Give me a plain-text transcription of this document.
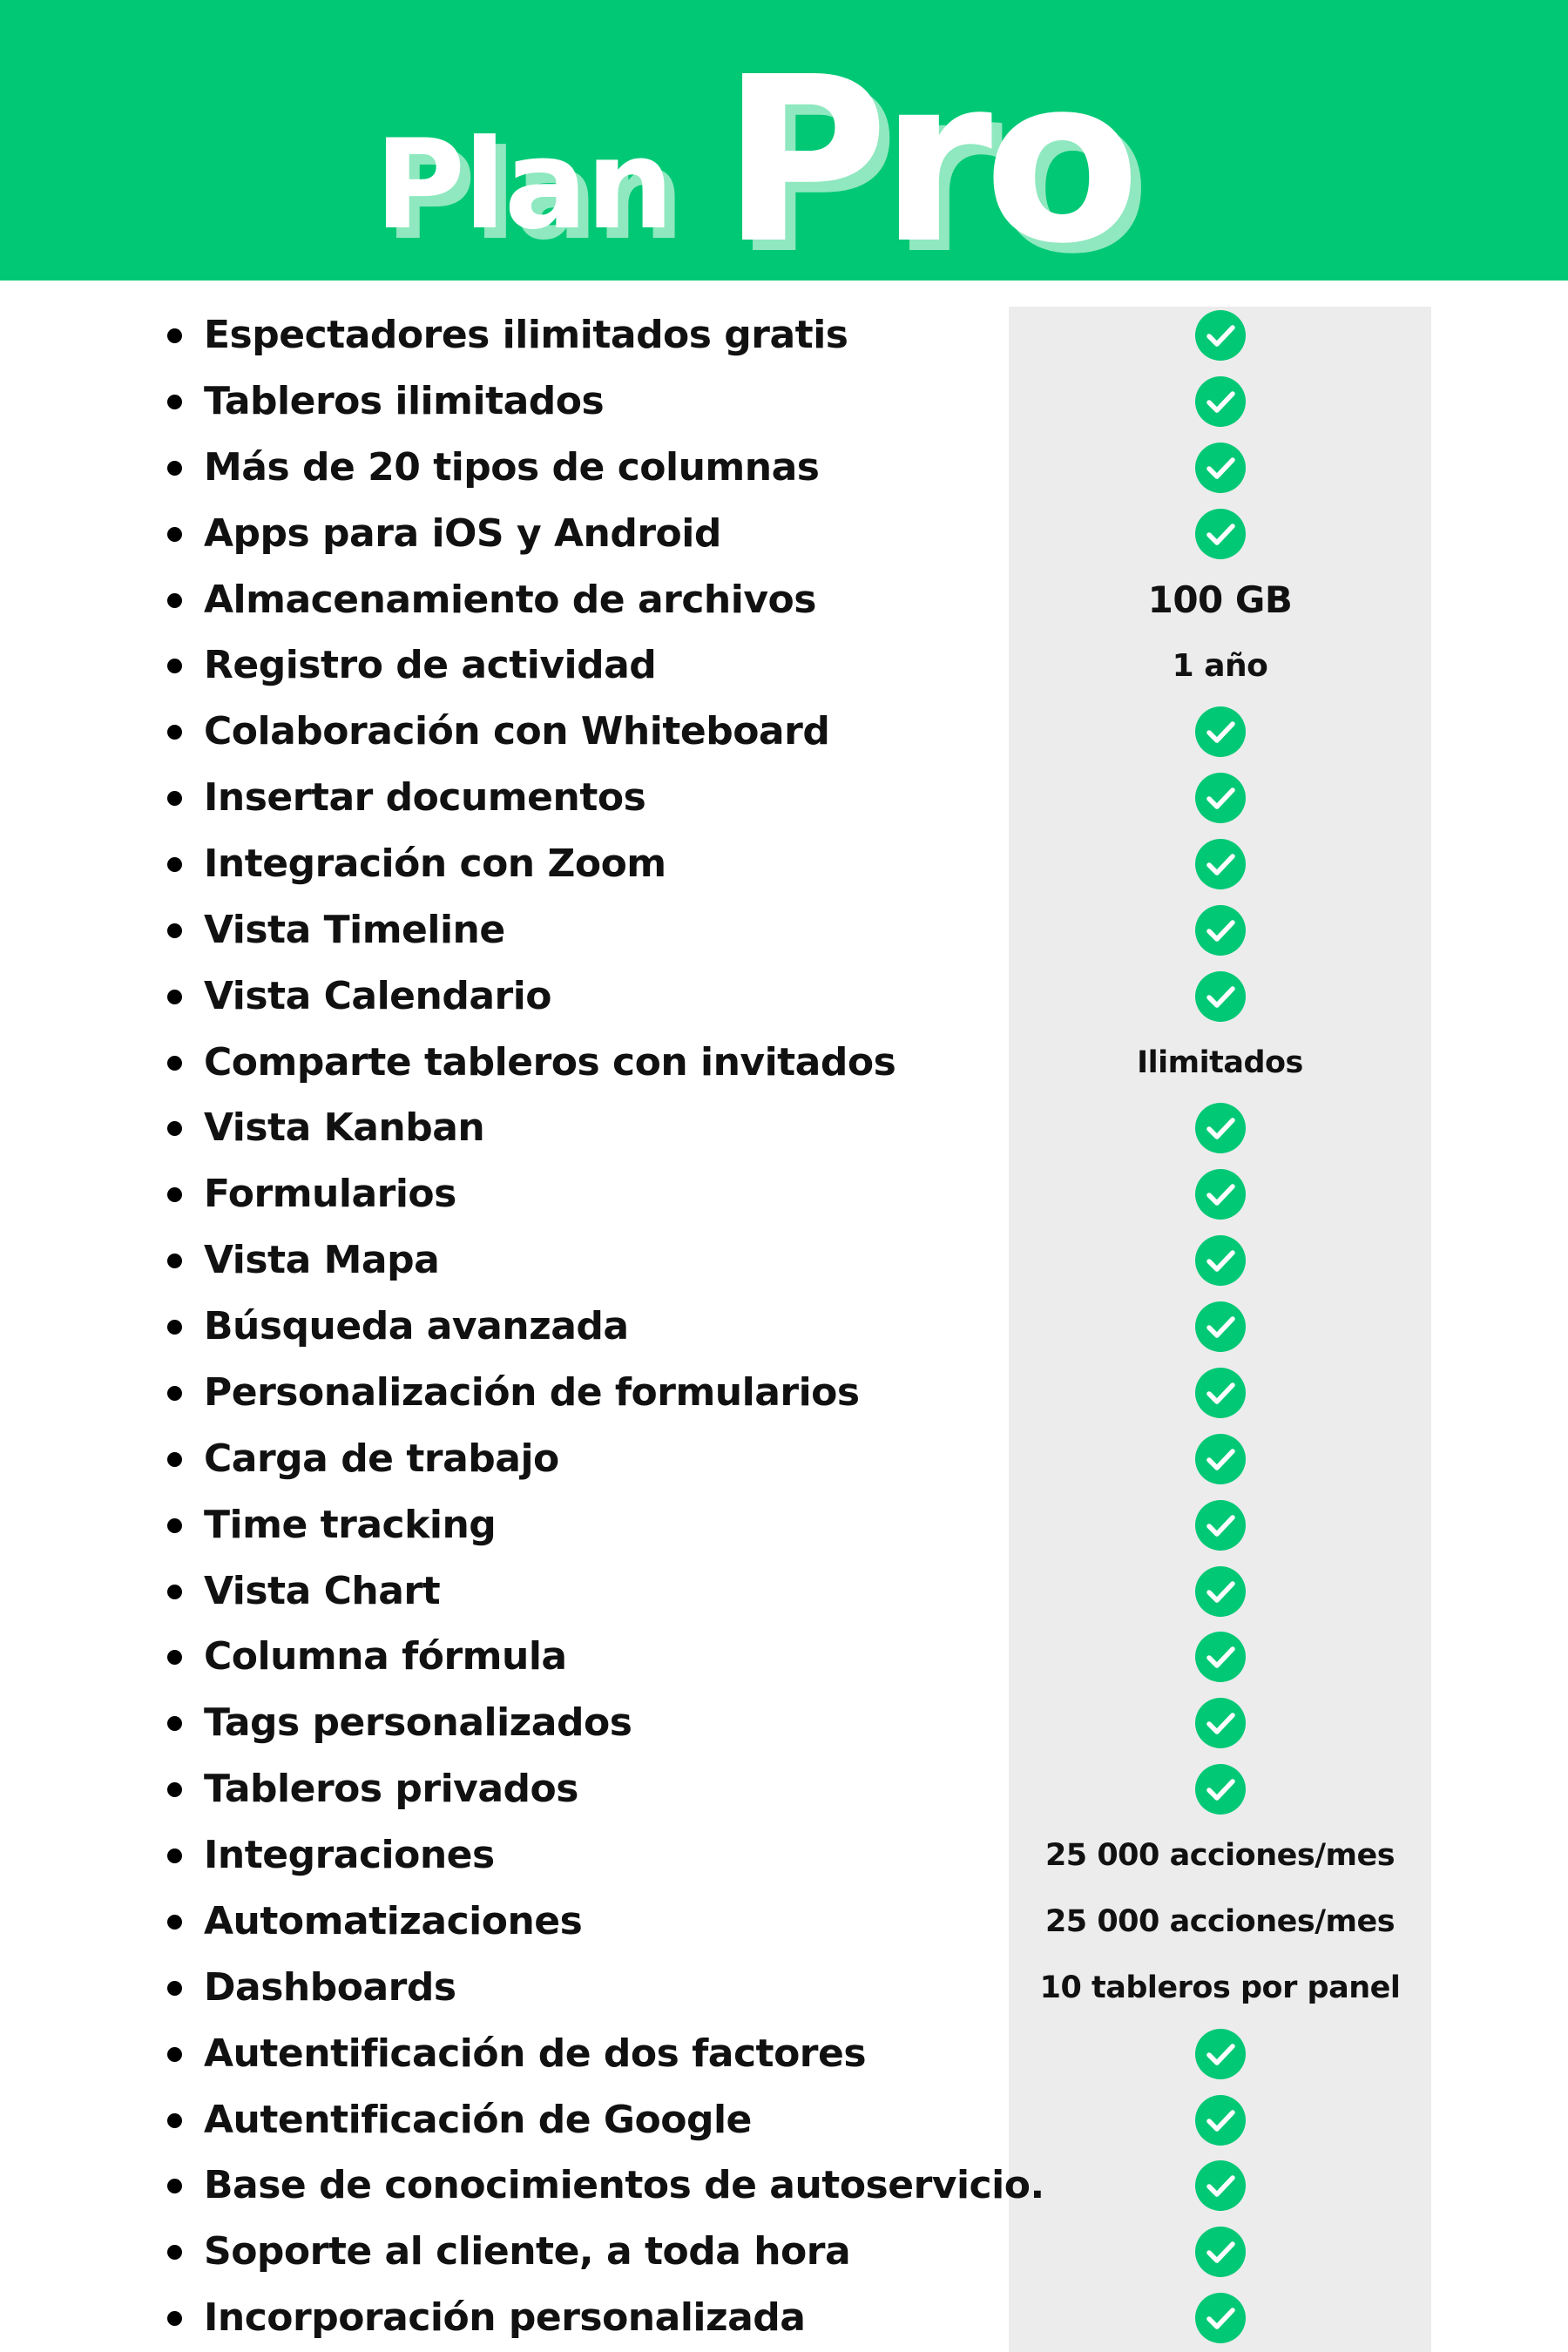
Plan Pro
Espectadores ilimitados gratis
Tableros ilimitados
Más de 20 tipos de columnas
Apps para iOS y Android
Almacenamiento de archivos	100 GB
Registro de actividad	1 año
Colaboración con Whiteboard
Insertar documentos
Integración con Zoom
Vista Timeline
Vista Calendario
Comparte tableros con invitados	Ilimitados
Vista Kanban
Formularios
Vista Mapa
Búsqueda avanzada
Personalización de formularios
Carga de trabajo
Time tracking
Vista Chart
Columna fórmula
Tags personalizados
Tableros privados
Integraciones	25 000 acciones/mes
Automatizaciones	25 000 acciones/mes
Dashboards	10 tableros por panel
Autentificación de dos factores
Autentificación de Google
Base de conocimientos de autoservicio.
Soporte al cliente, a toda hora
Incorporación personalizada
